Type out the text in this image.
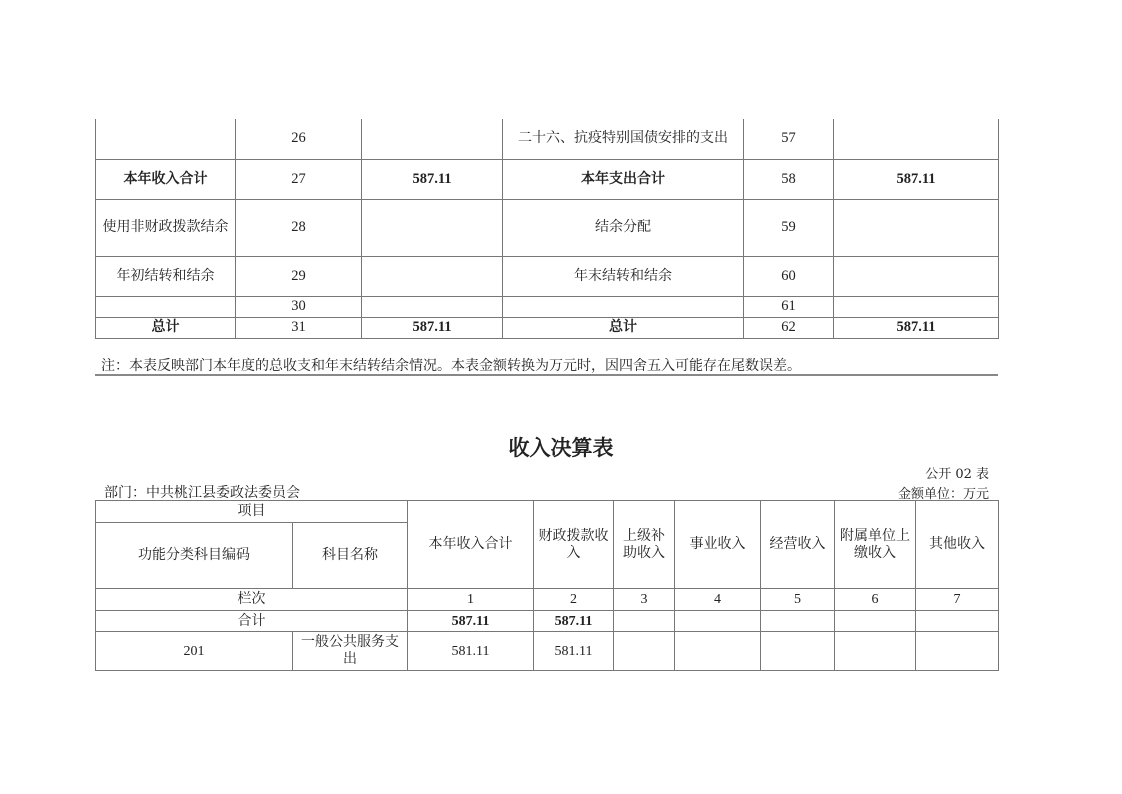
	26		二十六、抗疫特别国债安排的支出	57	
本年收入合计	27	587.11	本年支出合计	58	587.11
使用非财政拨款结余	28		结余分配	59	
年初结转和结余	29		年末结转和结余	60	
	30			61	
总计	31	587.11	总计	62	587.11
注：本表反映部门本年度的总收支和年末结转结余情况。本表金额转换为万元时，因四舍五入可能存在尾数误差。
收入决算表
公开 02 表
部门：中共桃江县委政法委员会	金额单位：万元
项目		本年收入合计	财政拨款收入	上级补助收入	事业收入	经营收入	附属单位上缴收入	其他收入
功能分类科目编码	科目名称							
栏次		1	2	3	4	5	6	7
合计		587.11	587.11					
201	一般公共服务支出	581.11	581.11					
